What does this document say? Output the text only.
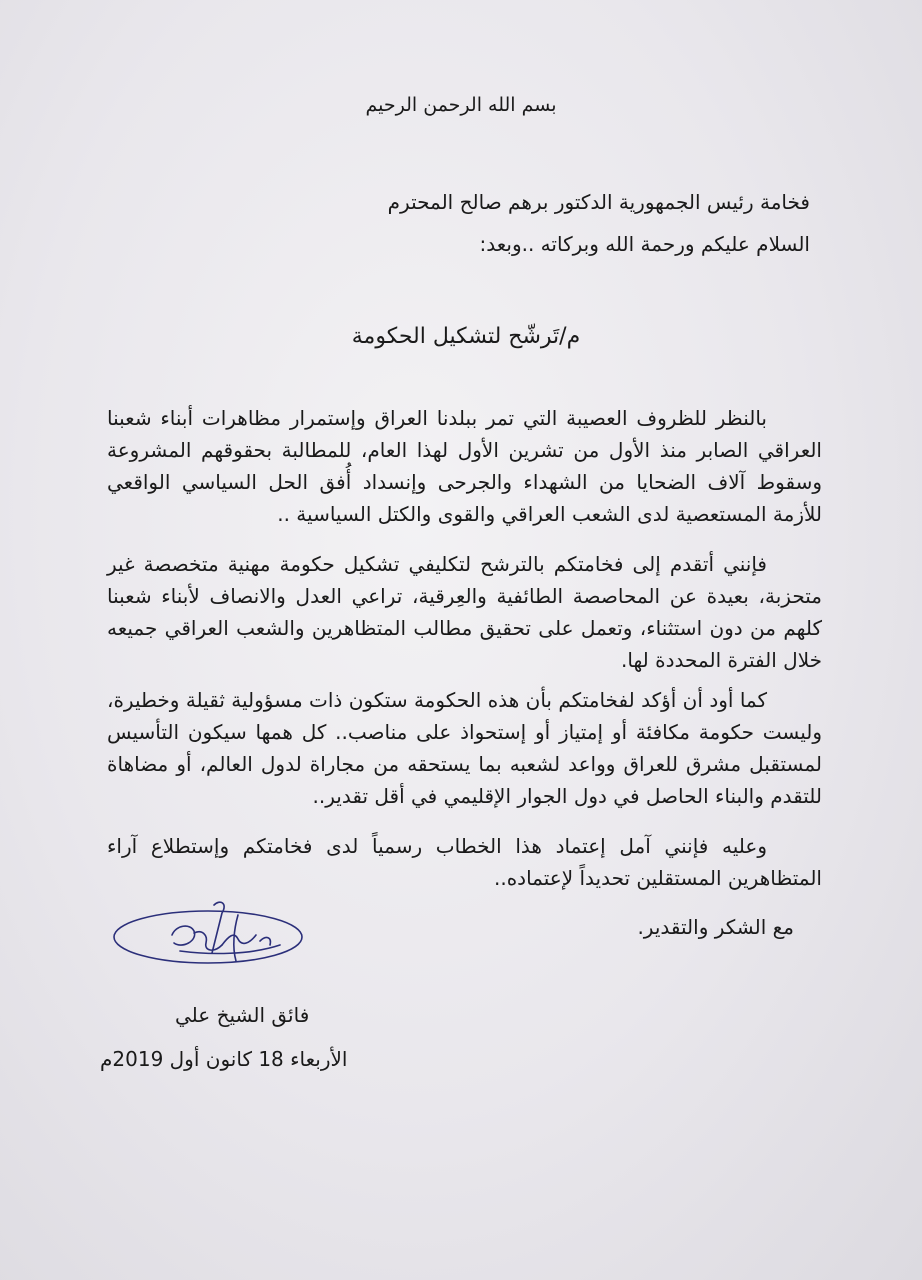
بسم الله الرحمن الرحيم

فخامة رئيس الجمهورية الدكتور برهم صالح المحترم

السلام عليكم ورحمة الله وبركاته ..وبعد:

م/تَرشّح لتشكيل الحكومة

بالنظر للظروف العصيبة التي تمر ببلدنا العراق وإستمرار مظاهرات أبناء شعبنا العراقي الصابر منذ الأول من تشرين الأول لهذا العام، للمطالبة بحقوقهم المشروعة وسقوط آلاف الضحايا من الشهداء والجرحى وإنسداد أُفق الحل السياسي الواقعي للأزمة المستعصية لدى الشعب العراقي والقوى والكتل السياسية ..

فإنني أتقدم إلى فخامتكم بالترشح لتكليفي تشكيل حكومة مهنية متخصصة غير متحزبة، بعيدة عن المحاصصة الطائفية والعِرقية، تراعي العدل والانصاف لأبناء شعبنا كلهم من دون استثناء، وتعمل على تحقيق مطالب المتظاهرين والشعب العراقي جميعه خلال الفترة المحددة لها.

كما أود أن أؤكد لفخامتكم بأن هذه الحكومة ستكون ذات مسؤولية ثقيلة وخطيرة، وليست حكومة مكافئة أو إمتياز أو إستحواذ على مناصب.. كل همها سيكون التأسيس لمستقبل مشرق للعراق وواعد لشعبه بما يستحقه من مجاراة لدول العالم، أو مضاهاة للتقدم والبناء الحاصل في دول الجوار الإقليمي في أقل تقدير..

وعليه فإنني آمل إعتماد هذا الخطاب رسمياً لدى فخامتكم وإستطلاع آراء المتظاهرين المستقلين تحديداً لإعتماده..

مع الشكر والتقدير.
فائق الشيخ علي
الأربعاء 18 كانون أول 2019م
